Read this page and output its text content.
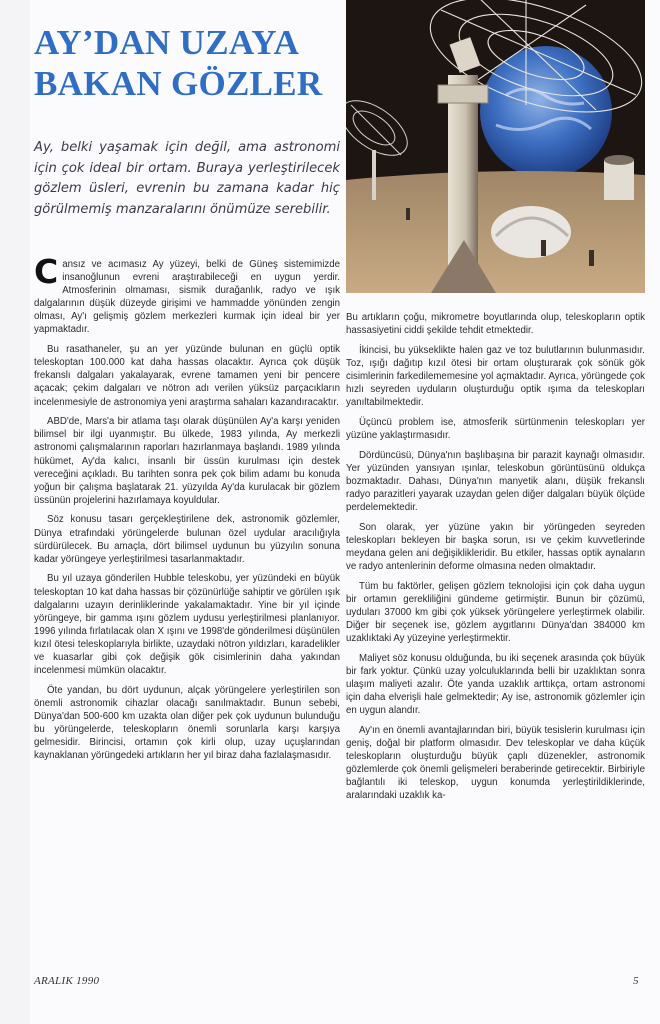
AY’DAN UZAYA
BAKAN GÖZLER

Ay, belki yaşamak için değil, ama astronomi için çok ideal bir ortam. Buraya yerleştirilecek gözlem üsleri, evrenin bu zamana kadar hiç görülmemiş manzaralarını önümüze serebilir.

Cansız ve acımasız Ay yüzeyi, belki de Güneş sistemimizde insanoğlunun evreni araştırabileceği en uygun yerdir. Atmosferinin olmaması, sismik durağanlık, radyo ve ışık dalgalarının düşük düzeyde girişimi ve hammadde yönünden zengin olması, Ay'ı gelişmiş gözlem merkezleri kurmak için ideal bir yer yapmaktadır.

Bu rasathaneler, şu an yer yüzünde bulunan en güçlü optik teleskoptan 100.000 kat daha hassas olacaktır. Ayrıca çok düşük frekanslı dalgaları yakalayarak, evrene tamamen yeni bir pencere açacak; çekim dalgaları ve nötron adı verilen yüksüz parçacıkların incelenmesiyle de astronomiya yeni araştırma sahaları kazandıracaktır.

ABD'de, Mars'a bir atlama taşı olarak düşünülen Ay'a karşı yeniden bilimsel bir ilgi uyanmıştır. Bu ülkede, 1983 yılında, Ay merkezli astronomi çalışmalarının raporları hazırlanmaya başlandı. 1989 yılında hükümet, Ay'da kalıcı, insanlı bir üssün kurulması için destek vereceğini açıkladı. Bu tarihten sonra pek çok bilim adamı bu konuda yoğun bir çalışma başlatarak 21. yüzyılda Ay'da kurulacak bir gözlem üssünün projelerini hazırlamaya koyuldular.

Söz konusu tasarı gerçekleştirilene dek, astronomik gözlemler, Dünya etrafındaki yörüngelerde bulunan özel uydular aracılığıyla sürdürülecek. Bu amaçla, dört bilimsel uydunun bu yüzyılın sonuna kadar yörüngeye yerleştirilmesi tasarlanmaktadır.

Bu yıl uzaya gönderilen Hubble teleskobu, yer yüzündeki en büyük teleskoptan 10 kat daha hassas bir çözünürlüğe sahiptir ve görülen ışık dalgalarını uzayın derinliklerinde yakalamaktadır. Yine bir yıl içinde yörüngeye, bir gamma ışını gözlem uydusu yerleştirilmesi planlanıyor. 1996 yılında fırlatılacak olan X ışını ve 1998'de gönderilmesi düşünülen kızıl ötesi teleskoplarıyla birlikte, uzaydaki nötron yıldızları, karadelikler ve kuasarlar gibi çok değişik gök cisimlerinin daha yakından incelenmesi mümkün olacaktır.

Öte yandan, bu dört uydunun, alçak yörüngelere yerleştirilen son önemli astronomik cihazlar olacağı sanılmaktadır. Bunun sebebi, Dünya'dan 500-600 km uzakta olan diğer pek çok uydunun bulunduğu bu yörüngelerde, teleskopların önemli sorunlarla karşı karşıya gelmesidir. Birincisi, ortamın çok kirli olup, uzay uçuşlarından kaynaklanan yörüngedeki artıkların her yıl biraz daha fazlalaşmasıdır.

Bu artıkların çoğu, mikrometre boyutlarında olup, teleskopların optik hassasiyetini ciddi şekilde tehdit etmektedir.

İkincisi, bu yükseklikte halen gaz ve toz bulutlarının bulunmasıdır. Toz, ışığı dağıtıp kızıl ötesi bir ortam oluşturarak çok sönük gök cisimlerinin farkedilememesine yol açmaktadır. Ayrıca, yörüngede çok hızlı seyreden uyduların oluşturduğu optik ışıma da teleskopları yanıltabilmektedir.

Üçüncü problem ise, atmosferik sürtünmenin teleskopları yer yüzüne yaklaştırmasıdır.

Dördüncüsü, Dünya'nın başlıbaşına bir parazit kaynağı olmasıdır. Yer yüzünden yansıyan ışınlar, teleskobun görüntüsünü oldukça bozmaktadır. Dahası, Dünya'nın manyetik alanı, düşük frekanslı radyo parazitleri yayarak uzaydan gelen diğer dalgaları büyük ölçüde perdelemektedir.

Son olarak, yer yüzüne yakın bir yörüngeden seyreden teleskopları bekleyen bir başka sorun, ısı ve çekim kuvvetlerinde meydana gelen ani değişiklikleridir. Bu etkiler, hassas optik aynaların ve radyo antenlerinin deforme olmasına neden olmaktadır.

Tüm bu faktörler, gelişen gözlem teknolojisi için çok daha uygun bir ortamın gerekliliğini gündeme getirmiştir. Bunun bir çözümü, uyduları 37000 km gibi çok yüksek yörüngelere yerleştirmek olabilir. Diğer bir seçenek ise, gözlem aygıtlarını Dünya'dan 384000 km uzaklıktaki Ay yüzeyine yerleştirmektir.

Maliyet söz konusu olduğunda, bu iki seçenek arasında çok büyük bir fark yoktur. Çünkü uzay yolculuklarında belli bir uzaklıktan sonra ulaşım maliyeti azalır. Öte yanda uzaklık arttıkça, ortam astronomi için daha elverişli hale gelmektedir; Ay ise, astronomik gözlemler için en uygun alandır.

Ay'ın en önemli avantajlarından biri, büyük tesislerin kurulması için geniş, doğal bir platform olmasıdır. Dev teleskoplar ve daha küçük teleskopların oluşturduğu büyük çaplı düzenekler, astronomik gözlemlerde çok önemli gelişmeleri beraberinde getirecektir. Birbiriyle bağlantılı iki teleskop, uygun konumda yerleştirildiklerinde, aralarındaki uzaklık ka-

ARALIK 1990	5
